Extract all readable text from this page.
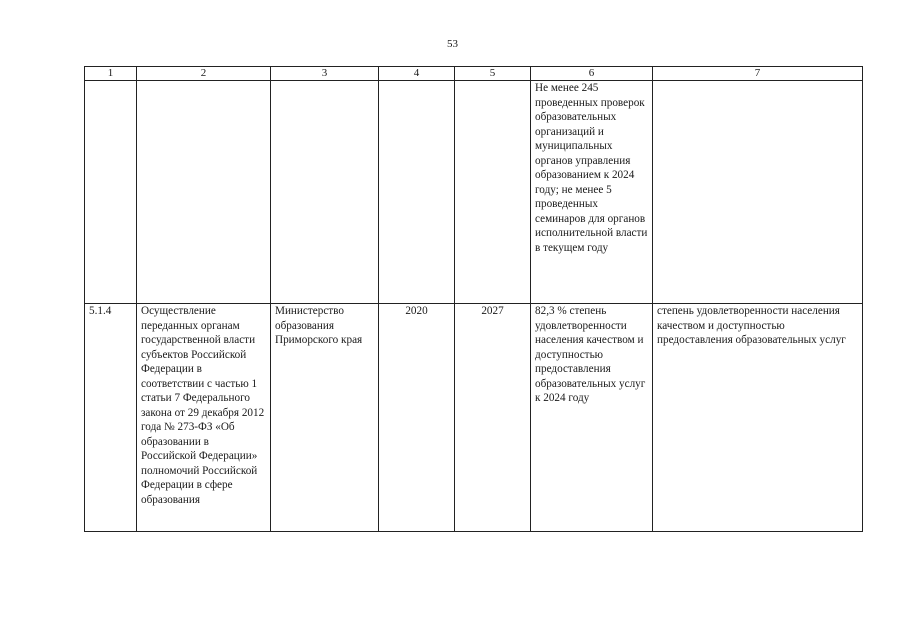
53
1	2	3	4	5	6	7
					Не менее 245 проведенных проверок образовательных организаций и муниципальных органов управления образованием к 2024 году; не менее 5 проведенных семинаров для органов исполнительной власти в текущем году	
5.1.4	Осуществление переданных органам государственной власти субъектов Российской Федерации в соответствии с частью 1 статьи 7 Федерального закона от 29 декабря 2012 года № 273-ФЗ «Об образовании в Российской Федерации» полномочий Российской Федерации в сфере образования	Министерство образования Приморского края	2020	2027	82,3 % степень удовлетворенности населения качеством и доступностью предоставления образовательных услуг к 2024 году	степень удовлетворенности населения качеством и доступностью предоставления образовательных услуг
